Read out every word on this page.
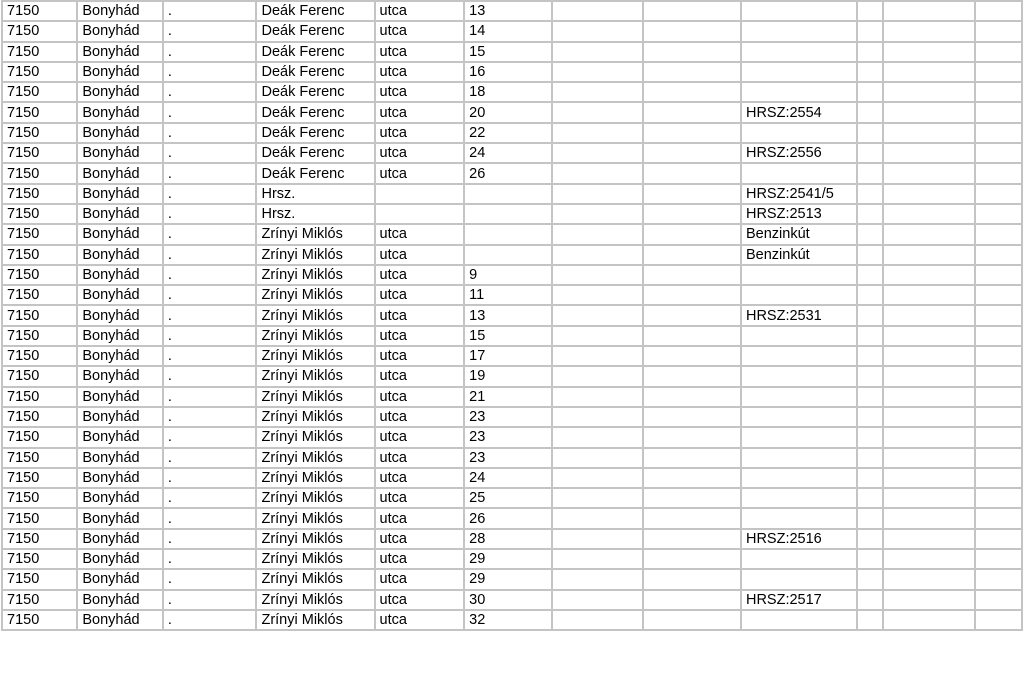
7150	Bonyhád	.	Deák Ferenc	utca	13						
7150	Bonyhád	.	Deák Ferenc	utca	14						
7150	Bonyhád	.	Deák Ferenc	utca	15						
7150	Bonyhád	.	Deák Ferenc	utca	16						
7150	Bonyhád	.	Deák Ferenc	utca	18						
7150	Bonyhád	.	Deák Ferenc	utca	20			HRSZ:2554			
7150	Bonyhád	.	Deák Ferenc	utca	22						
7150	Bonyhád	.	Deák Ferenc	utca	24			HRSZ:2556			
7150	Bonyhád	.	Deák Ferenc	utca	26						
7150	Bonyhád	.	Hrsz.					HRSZ:2541/5			
7150	Bonyhád	.	Hrsz.					HRSZ:2513			
7150	Bonyhád	.	Zrínyi Miklós	utca				Benzinkút			
7150	Bonyhád	.	Zrínyi Miklós	utca				Benzinkút			
7150	Bonyhád	.	Zrínyi Miklós	utca	9						
7150	Bonyhád	.	Zrínyi Miklós	utca	11						
7150	Bonyhád	.	Zrínyi Miklós	utca	13			HRSZ:2531			
7150	Bonyhád	.	Zrínyi Miklós	utca	15						
7150	Bonyhád	.	Zrínyi Miklós	utca	17						
7150	Bonyhád	.	Zrínyi Miklós	utca	19						
7150	Bonyhád	.	Zrínyi Miklós	utca	21						
7150	Bonyhád	.	Zrínyi Miklós	utca	23						
7150	Bonyhád	.	Zrínyi Miklós	utca	23						
7150	Bonyhád	.	Zrínyi Miklós	utca	23						
7150	Bonyhád	.	Zrínyi Miklós	utca	24						
7150	Bonyhád	.	Zrínyi Miklós	utca	25						
7150	Bonyhád	.	Zrínyi Miklós	utca	26						
7150	Bonyhád	.	Zrínyi Miklós	utca	28			HRSZ:2516			
7150	Bonyhád	.	Zrínyi Miklós	utca	29						
7150	Bonyhád	.	Zrínyi Miklós	utca	29						
7150	Bonyhád	.	Zrínyi Miklós	utca	30			HRSZ:2517			
7150	Bonyhád	.	Zrínyi Miklós	utca	32						
